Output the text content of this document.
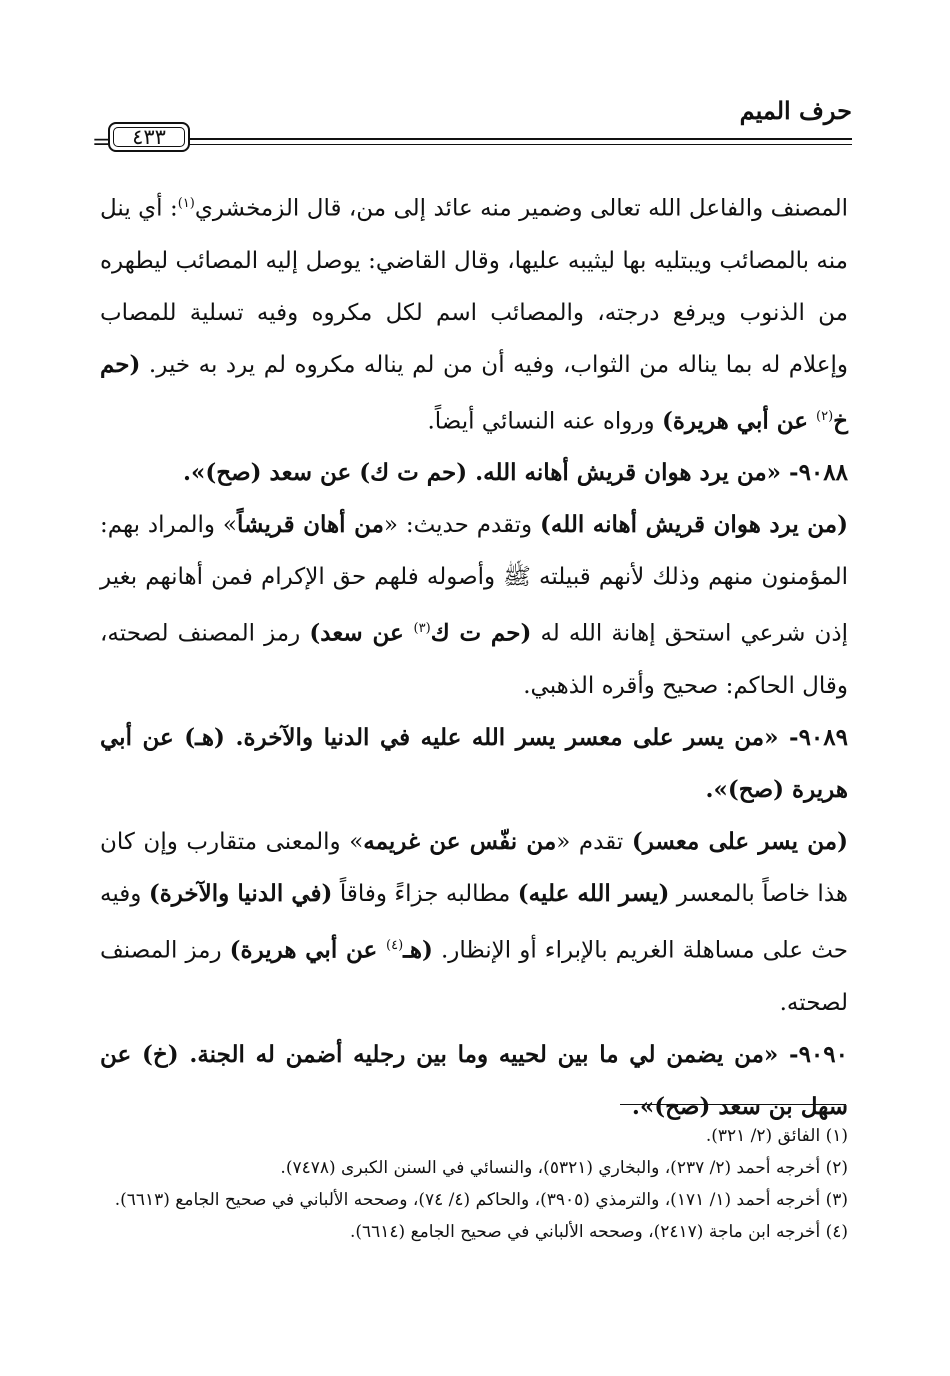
حرف الميم
٤٣٣
=

المصنف والفاعل الله تعالى وضمير منه عائد إلى من، قال الزمخشري$^{(١)}$: أي ينل منه بالمصائب ويبتليه بها ليثيبه عليها، وقال القاضي: يوصل إليه المصائب ليطهره من الذنوب ويرفع درجته، والمصائب اسم لكل مكروه وفيه تسلية للمصاب وإعلام له بما يناله من الثواب، وفيه أن من لم يناله مكروه لم يرد به خير. (حم خ$^{(٢)}$ عن أبي هريرة) ورواه عنه النسائي أيضاً.

٩٠٨٨- «من يرد هوان قريش أهانه الله. (حم ت ك) عن سعد (صح)».

(من يرد هوان قريش أهانه الله) وتقدم حديث: «من أهان قريشاً» والمراد بهم: المؤمنون منهم وذلك لأنهم قبيلته ﷺ وأصوله فلهم حق الإكرام فمن أهانهم بغير إذن شرعي استحق إهانة الله له (حم ت ك$^{(٣)}$ عن سعد) رمز المصنف لصحته، وقال الحاكم: صحيح وأقره الذهبي.

٩٠٨٩- «من يسر على معسر يسر الله عليه في الدنيا والآخرة. (هـ) عن أبي هريرة (صح)».

(من يسر على معسر) تقدم «من نفّس عن غريمه» والمعنى متقارب وإن كان هذا خاصاً بالمعسر (يسر الله عليه) مطالبه جزاءً وفاقاً (في الدنيا والآخرة) وفيه حث على مساهلة الغريم بالإبراء أو الإنظار. (هـ$^{(٤)}$ عن أبي هريرة) رمز المصنف لصحته.

٩٠٩٠- «من يضمن لي ما بين لحييه وما بين رجليه أضمن له الجنة. (خ) عن سهل بن سعد (صح)».

(١) الفائق (٢/ ٣٢١).

(٢) أخرجه أحمد (٢/ ٢٣٧)، والبخاري (٥٣٢١)، والنسائي في السنن الكبرى (٧٤٧٨).

(٣) أخرجه أحمد (١/ ١٧١)، والترمذي (٣٩٠٥)، والحاكم (٤/ ٧٤)، وصححه الألباني في صحيح الجامع (٦٦١٣).

(٤) أخرجه ابن ماجة (٢٤١٧)، وصححه الألباني في صحيح الجامع (٦٦١٤).
